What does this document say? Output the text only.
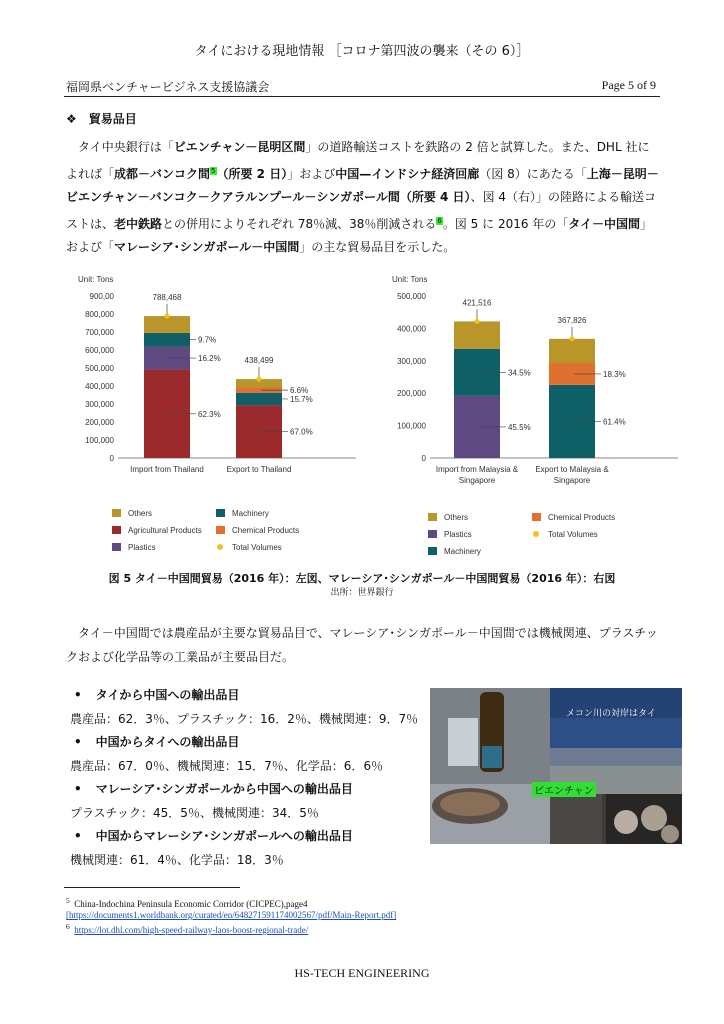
タイにおける現地情報 ［コロナ第四波の襲来（その 6）］
福岡県ベンチャービジネス支援協議会	Page 5 of 9
❖　貿易品目
タイ中央銀行は「ビエンチャン－昆明区間」の道路輸送コストを鉄路の 2 倍と試算した。また、DHL 社によれば「成都－バンコク間$^5$（所要 2 日）」および中国—インドシナ経済回廊（図 8）にあたる「上海－昆明－ビエンチャン－バンコク－クアラルンプール－シンガポール間（所要 4 日）、図 4（右）」の陸路による輸送コストは、老中鉄路との併用によりそれぞれ 78％減、38％削減される$^6$。図 5 に 2016 年の「タイ－中国間」および「マレーシア･シンガポール－中国間」の主な貿易品目を示した。
Unit: Tons
0
100,000
200,000
300,000
400,000
500,000
600,000
700,000
800,000
900,00
62.3%
16.2%
9.7%
788,468
Import from Thailand
67.0%
15.7%
6.6%
438,499
Export to Thailand
Others	Machinery
Agricultural Products	Chemical Products
Plastics	Total Volumes
Unit: Tons
0
100,000
200,000
300,000
400,000
500,000
45.5%
34.5%
421,516
Import from Malaysia &
Singapore
61.4%
18.3%
367,826
Export to Malaysia &
Singapore
Others	Chemical Products
Plastics	Total Volumes
Machinery
図 5 タイ－中国間貿易（2016 年）：左図、マレーシア･シンガポール－中国間貿易（2016 年）：右図
出所：世界銀行
タイ－中国間では農産品が主要な貿易品目で、マレーシア･シンガポール－中国間では機械関連、プラスチックおよび化学品等の工業品が主要品目だ。
• タイから中国への輸出品目
農産品：62．3％、プラスチック：16．2％、機械関連：9．7％
• 中国からタイへの輸出品目
農産品：67．0％、機械関連：15．7％、化学品：6．6％
• マレーシア･シンガポールから中国への輸出品目
プラスチック：45．5％、機械関連：34．5％
• 中国からマレーシア･シンガポールへの輸出品目
機械関連：61．4％、化学品：18．3％
メコン川の対岸はタイ
ビエンチャン
$^5$ China-Indochina Peninsula Economic Corridor (CICPEC),page4
[https://documents1.worldbank.org/curated/en/648271591174002567/pdf/Main-Report.pdf]
$^6$ https://lot.dhl.com/high-speed-railway-laos-boost-regional-trade/
HS-TECH ENGINEERING
